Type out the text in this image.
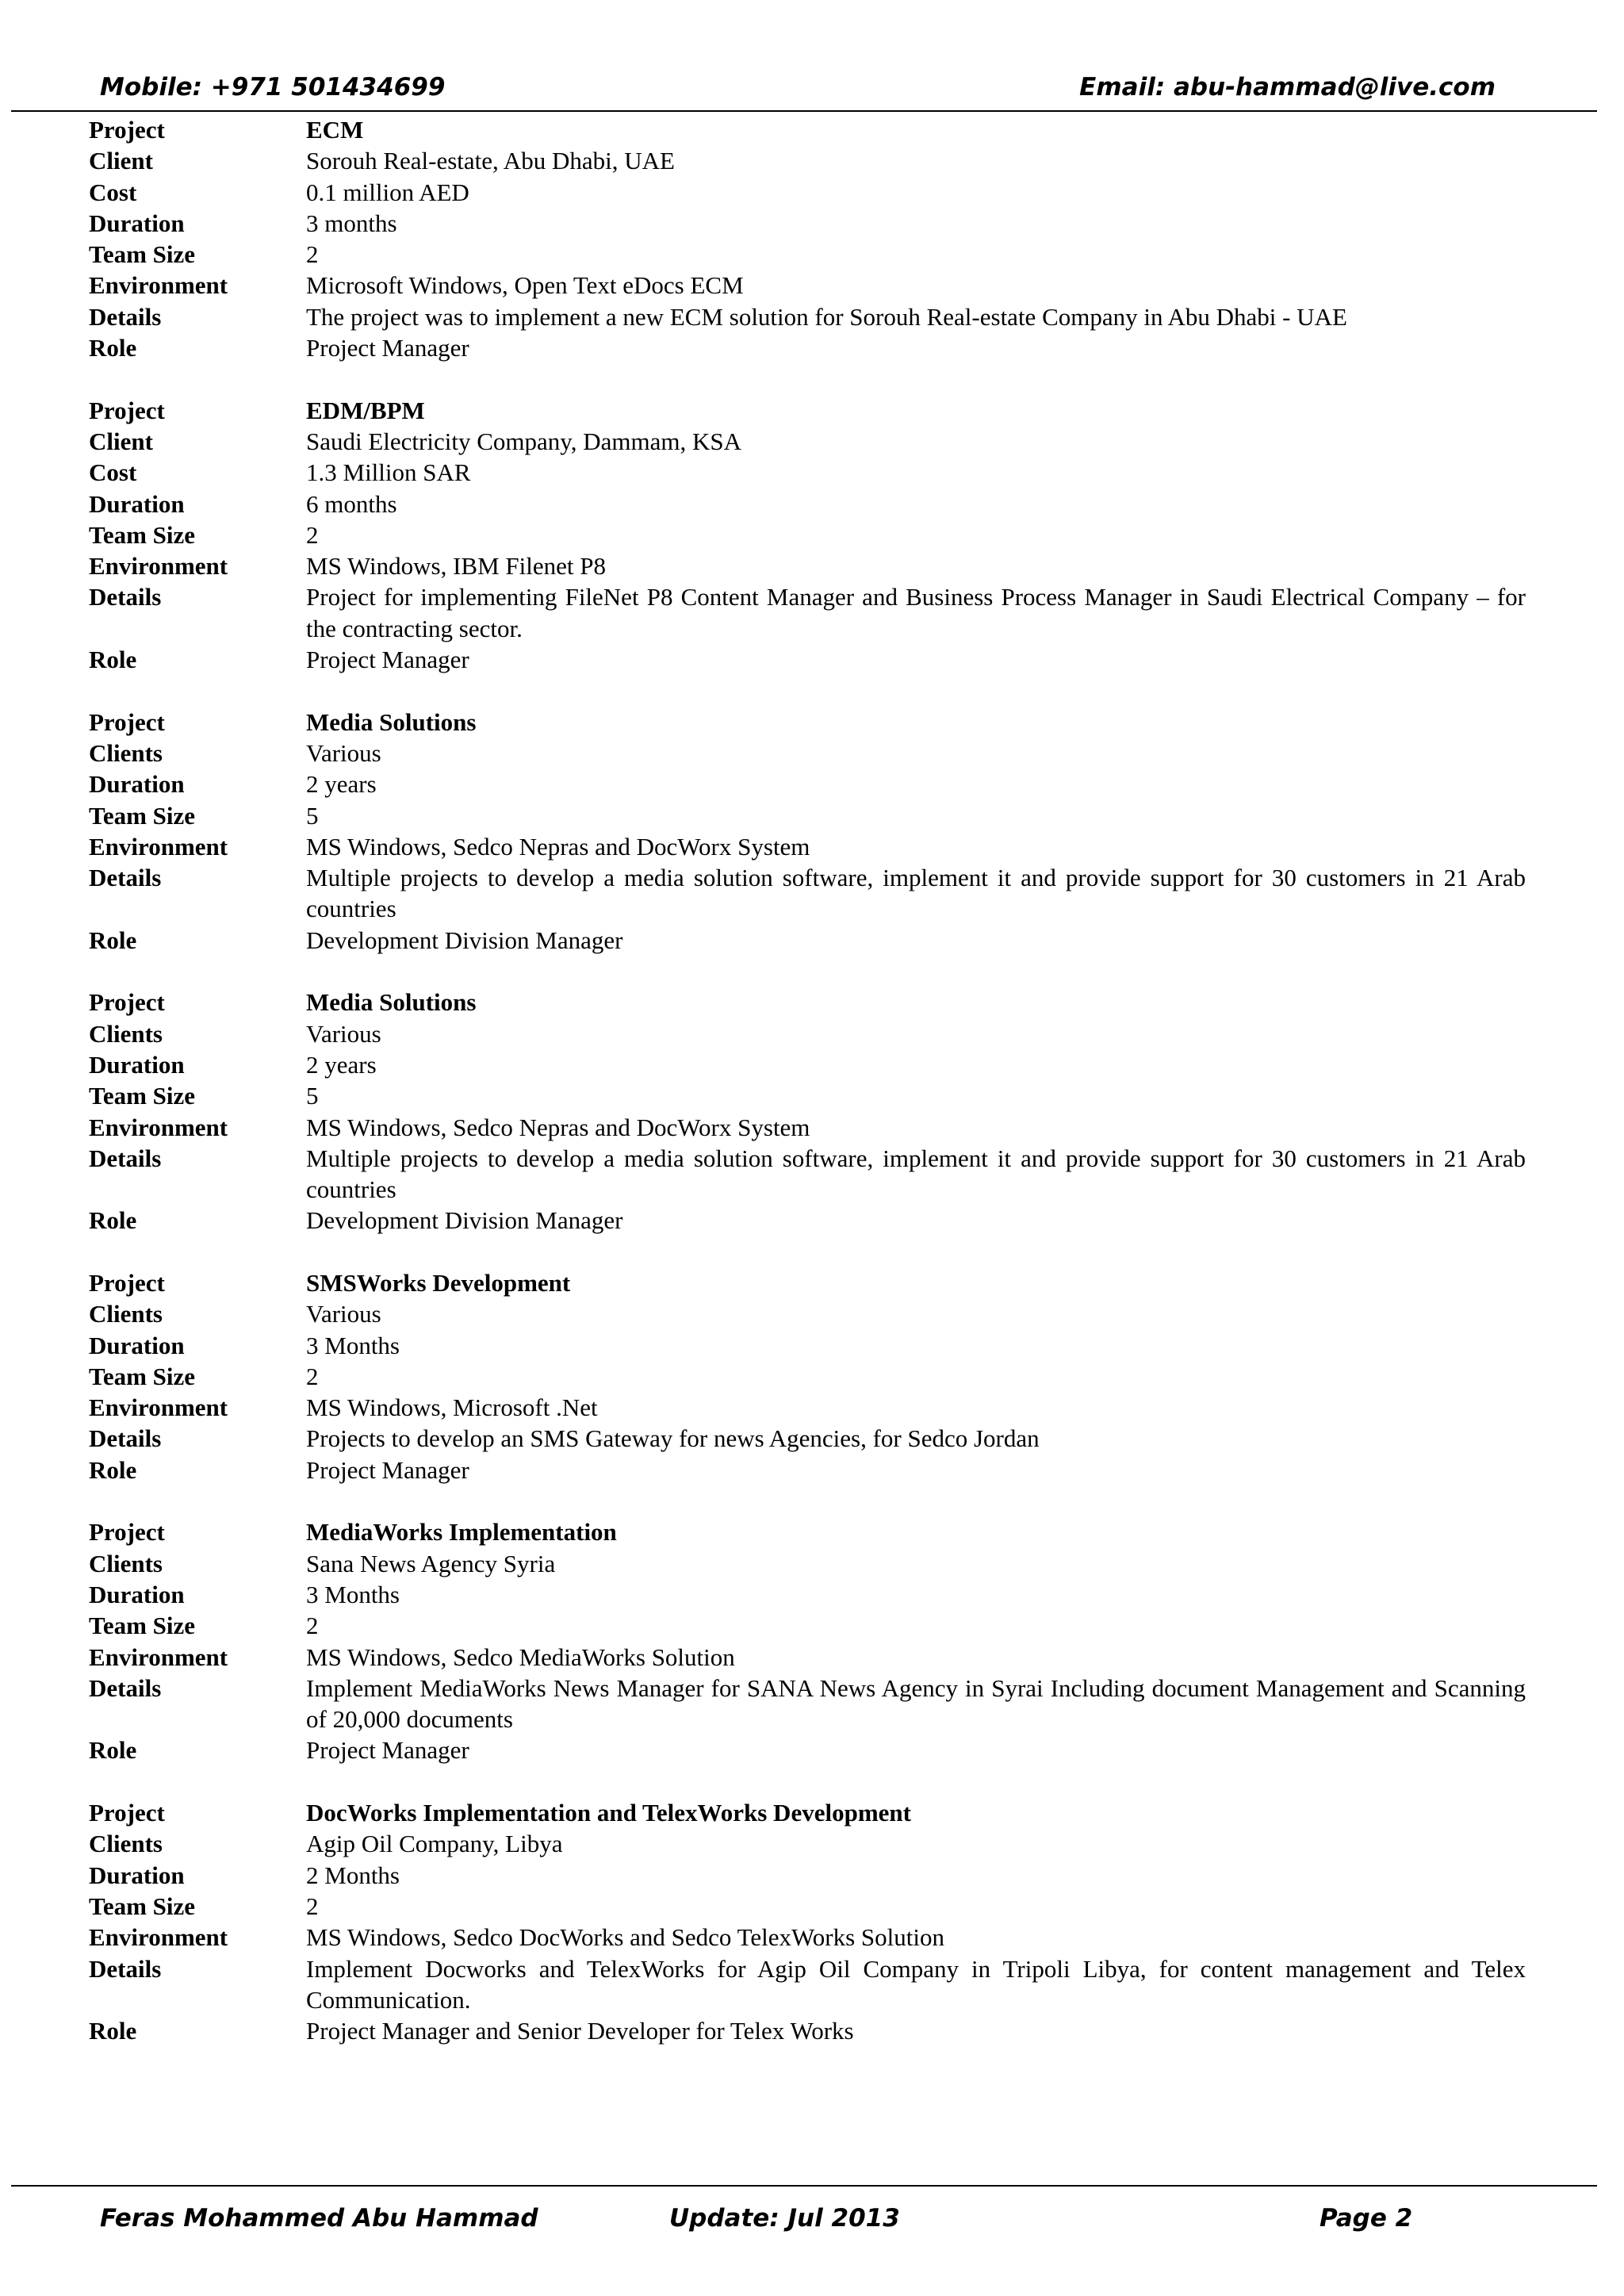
Mobile: +971 501434699	Email: abu-hammad@live.com
Project	ECM
Client	Sorouh Real-estate, Abu Dhabi, UAE
Cost	0.1 million AED
Duration	3 months
Team Size	2
Environment	Microsoft Windows, Open Text eDocs ECM
Details	The project was to implement a new ECM solution for Sorouh Real-estate Company in Abu Dhabi - UAE
Role	Project Manager
Project	EDM/BPM
Client	Saudi Electricity Company, Dammam, KSA
Cost	1.3 Million SAR
Duration	6 months
Team Size	2
Environment	MS Windows, IBM Filenet P8
Details	Project for implementing FileNet P8 Content Manager and Business Process Manager in Saudi Electrical Company – for the contracting sector.
Role	Project Manager
Project	Media Solutions
Clients	Various
Duration	2 years
Team Size	5
Environment	MS Windows, Sedco Nepras and DocWorx System
Details	Multiple projects to develop a media solution software, implement it and provide support for 30 customers in 21 Arab countries
Role	Development Division Manager
Project	Media Solutions
Clients	Various
Duration	2 years
Team Size	5
Environment	MS Windows, Sedco Nepras and DocWorx System
Details	Multiple projects to develop a media solution software, implement it and provide support for 30 customers in 21 Arab countries
Role	Development Division Manager
Project	SMSWorks Development
Clients	Various
Duration	3 Months
Team Size	2
Environment	MS Windows, Microsoft .Net
Details	Projects to develop an SMS Gateway for news Agencies, for Sedco Jordan
Role	Project Manager
Project	MediaWorks Implementation
Clients	Sana News Agency Syria
Duration	3 Months
Team Size	2
Environment	MS Windows, Sedco MediaWorks Solution
Details	Implement MediaWorks News Manager for SANA News Agency in Syrai Including document Management and Scanning of 20,000 documents
Role	Project Manager
Project	DocWorks Implementation and TelexWorks Development
Clients	Agip Oil Company, Libya
Duration	2 Months
Team Size	2
Environment	MS Windows, Sedco DocWorks and Sedco TelexWorks Solution
Details	Implement Docworks and TelexWorks for Agip Oil Company in Tripoli Libya, for content management and Telex Communication.
Role	Project Manager and Senior Developer for Telex Works
Feras Mohammed Abu Hammad	Update: Jul 2013	Page 2
